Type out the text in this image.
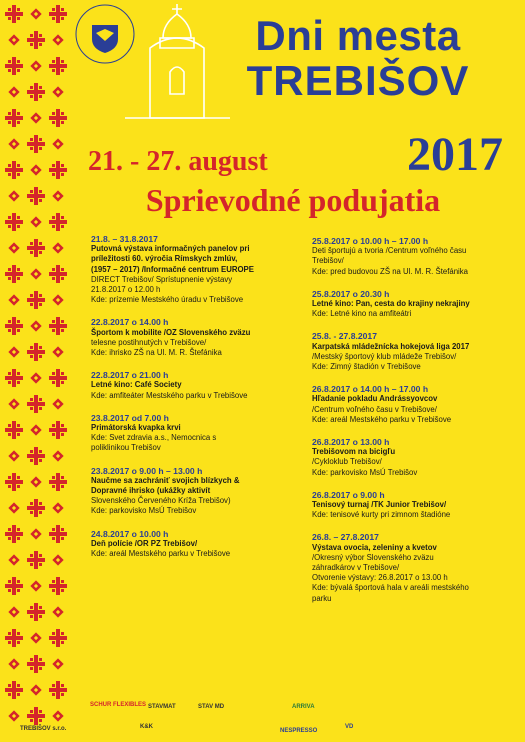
Dni mesta
TREBIŠOV
21. - 27. august	2017
Sprievodné podujatia
21.8. – 31.8.2017
Putovná výstava informačných panelov pri
príležitosti 60. výročia Rímskych zmlúv,
(1957 – 2017) /Informačné centrum EUROPE
DIRECT Trebišov/ Sprístupnenie výstavy
21.8.2017 o 12.00 h
Kde: prízemie Mestského úradu v Trebišove
22.8.2017 o 14.00 h
Športom k mobilite /OZ Slovenského zväzu
telesne postihnutých v Trebišove/
Kde: ihrisko ZŠ na Ul. M. R. Štefánika
22.8.2017 o 21.00 h
Letné kino: Café Society
Kde: amfiteáter Mestského parku v Trebišove
23.8.2017 od 7.00 h
Primátorská kvapka krvi
Kde: Svet zdravia a.s., Nemocnica s
poliklinikou Trebišov
23.8.2017 o 9.00 h – 13.00 h
Naučme sa zachrániť svojich blízkych &
Dopravné ihrisko (ukážky aktivít
Slovenského Červeného Kríža Trebišov)
Kde: parkovisko MsÚ Trebišov
24.8.2017 o 10.00 h
Deň polície /OR PZ Trebišov/
Kde: areál Mestského parku v Trebišove
25.8.2017 o 10.00 h – 17.00 h
Deti športujú a tvoria /Centrum voľného času
Trebišov/
Kde: pred budovou ZŠ na Ul. M. R. Štefánika
25.8.2017 o 20.30 h
Letné kino: Pan, cesta do krajiny nekrajiny
Kde: Letné kino na amfiteátri
25.8. - 27.8.2017
Karpatská mládežnícka hokejová liga 2017
/Mestský športový klub mládeže Trebišov/
Kde: Zimný štadión v Trebišove
26.8.2017 o 14.00 h – 17.00 h
Hľadanie pokladu Andrássyovcov
/Centrum voľného času v Trebišove/
Kde: areál Mestského parku v Trebišove
26.8.2017 o 13.00 h
Trebišovom na bicigľu
/Cykloklub Trebišov/
Kde: parkovisko MsÚ Trebišov
26.8.2017 o 9.00 h
Tenisový turnaj /TK Junior Trebišov/
Kde: tenisové kurty pri zimnom štadióne
26.8. – 27.8.2017
Výstava ovocia, zeleniny a kvetov
/Okresný výbor Slovenského zväzu
záhradkárov v Trebišove/
Otvorenie výstavy: 26.8.2017 o 13.00 h
Kde: bývalá športová hala v areáli mestského
parku
SCHUR FLEXIBLES STAVMAT	STAV MD	ARRIVA
VD
TREBIŠOV s.r.o.	K&K
NESPRESSO
